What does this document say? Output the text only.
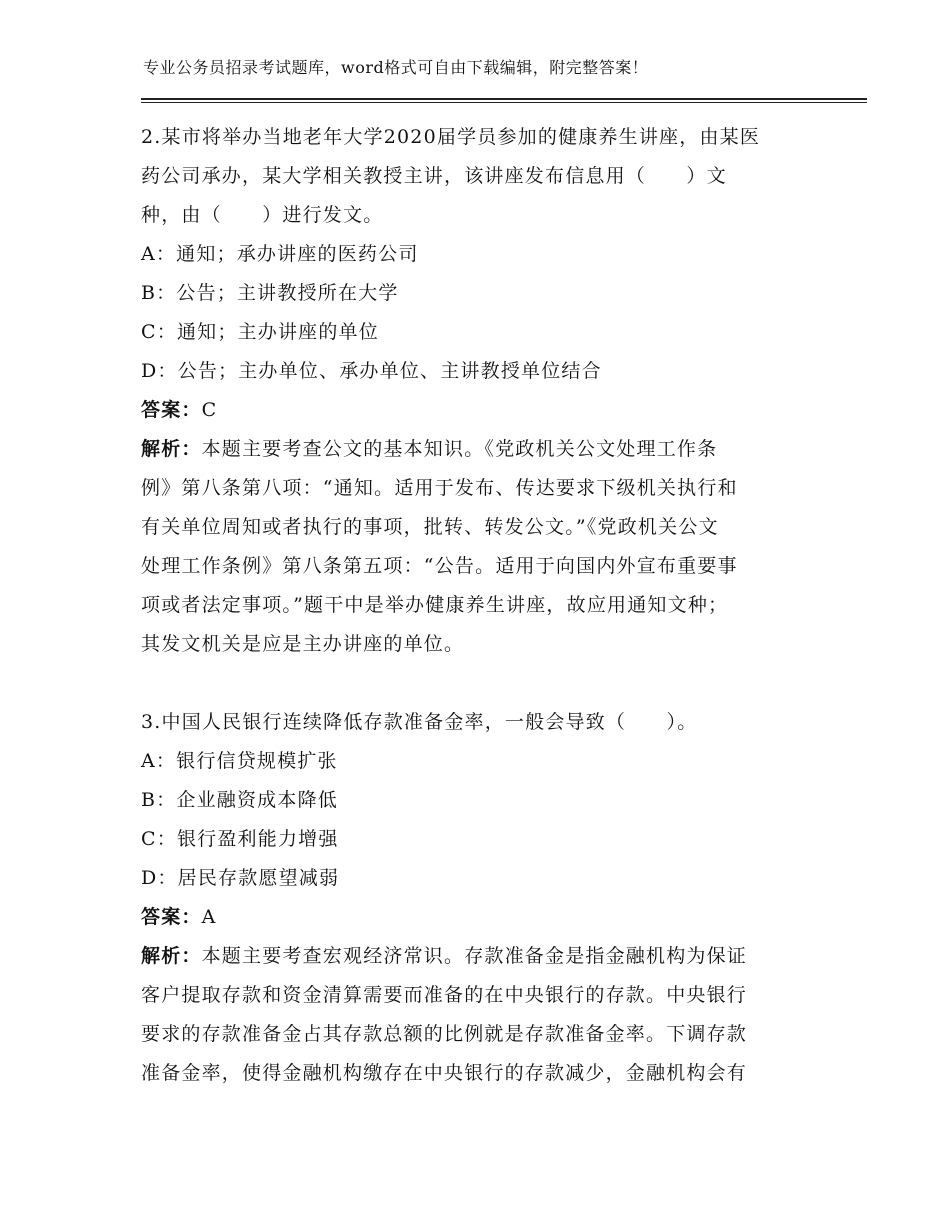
专业公务员招录考试题库，word格式可自由下载编辑，附完整答案！
2.某市将举办当地老年大学2020届学员参加的健康养生讲座，由某医
药公司承办，某大学相关教授主讲，该讲座发布信息用（　　）文
种，由（　　）进行发文。
A：通知；承办讲座的医药公司
B：公告；主讲教授所在大学
C：通知；主办讲座的单位
D：公告；主办单位、承办单位、主讲教授单位结合
答案：C
解析：本题主要考查公文的基本知识。《党政机关公文处理工作条
例》第八条第八项：“通知。适用于发布、传达要求下级机关执行和
有关单位周知或者执行的事项，批转、转发公文。”《党政机关公文
处理工作条例》第八条第五项：“公告。适用于向国内外宣布重要事
项或者法定事项。”题干中是举办健康养生讲座，故应用通知文种；
其发文机关是应是主办讲座的单位。
3.中国人民银行连续降低存款准备金率，一般会导致（　　）。
A：银行信贷规模扩张
B：企业融资成本降低
C：银行盈利能力增强
D：居民存款愿望减弱
答案：A
解析：本题主要考查宏观经济常识。存款准备金是指金融机构为保证
客户提取存款和资金清算需要而准备的在中央银行的存款。中央银行
要求的存款准备金占其存款总额的比例就是存款准备金率。下调存款
准备金率，使得金融机构缴存在中央银行的存款减少，金融机构会有
